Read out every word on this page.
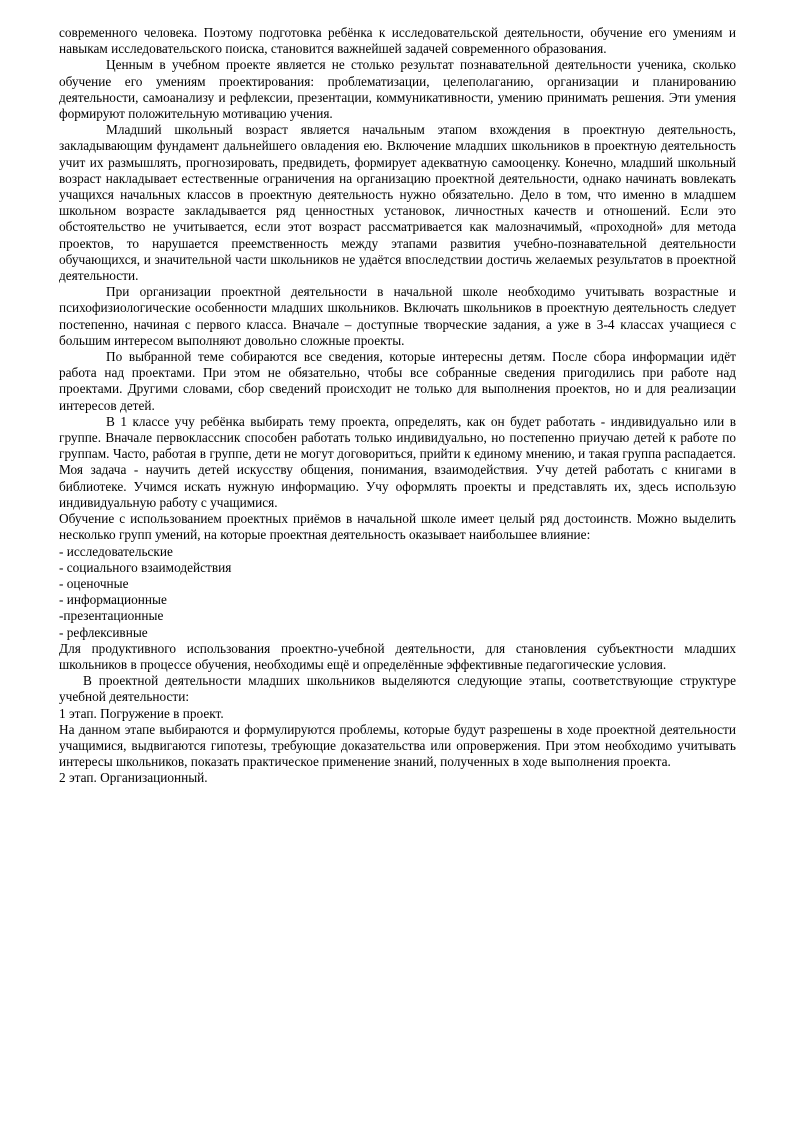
современного человека. Поэтому подготовка ребёнка к исследовательской деятельности, обучение его умениям и навыкам исследовательского поиска, становится важнейшей задачей современного образования.

Ценным в учебном проекте является не столько результат познавательной деятельности ученика, сколько обучение его умениям проектирования: проблематизации, целеполаганию, организации и планированию деятельности, самоанализу и рефлексии, презентации, коммуникативности, умению принимать решения. Эти умения формируют положительную мотивацию учения.

Младший школьный возраст является начальным этапом вхождения в проектную деятельность, закладывающим фундамент дальнейшего овладения ею. Включение младших школьников в проектную деятельность учит их размышлять, прогнозировать, предвидеть, формирует адекватную самооценку. Конечно, младший школьный возраст накладывает естественные ограничения на организацию проектной деятельности, однако начинать вовлекать учащихся начальных классов в проектную деятельность нужно обязательно. Дело в том, что именно в младшем школьном возрасте закладывается ряд ценностных установок, личностных качеств и отношений. Если это обстоятельство не учитывается, если этот возраст рассматривается как малозначимый, «проходной» для метода проектов, то нарушается преемственность между этапами развития учебно-познавательной деятельности обучающихся, и значительной части школьников не удаётся впоследствии достичь желаемых результатов в проектной деятельности.

При организации проектной деятельности в начальной школе необходимо учитывать возрастные и психофизиологические особенности младших школьников. Включать школьников в проектную деятельность следует постепенно, начиная с первого класса. Вначале – доступные творческие задания, а уже в 3-4 классах учащиеся с большим интересом выполняют довольно сложные проекты.

По выбранной теме собираются все сведения, которые интересны детям. После сбора информации идёт работа над проектами. При этом не обязательно, чтобы все собранные сведения пригодились при работе над проектами. Другими словами, сбор сведений происходит не только для выполнения проектов, но и для реализации интересов детей.

В 1 классе учу ребёнка выбирать тему проекта, определять, как он будет работать - индивидуально или в группе. Вначале первоклассник способен работать только индивидуально, но постепенно приучаю детей к работе по группам. Часто, работая в группе, дети не могут договориться, прийти к единому мнению, и такая группа распадается. Моя задача - научить детей искусству общения, понимания, взаимодействия. Учу детей работать с книгами в библиотеке. Учимся искать нужную информацию. Учу оформлять проекты и представлять их, здесь использую индивидуальную работу с учащимися.

Обучение с использованием проектных приёмов в начальной школе имеет целый ряд достоинств. Можно выделить несколько групп умений, на которые проектная деятельность оказывает наибольшее влияние:

- исследовательские
- социального взаимодействия
- оценочные
- информационные
-презентационные
- рефлексивные

Для продуктивного использования проектно-учебной деятельности, для становления субъектности младших школьников в процессе обучения, необходимы ещё и определённые эффективные педагогические условия.

В проектной деятельности младших школьников выделяются следующие этапы, соответствующие структуре учебной деятельности:

1 этап. Погружение в проект.

На данном этапе выбираются и формулируются проблемы, которые будут разрешены в ходе проектной деятельности учащимися, выдвигаются гипотезы, требующие доказательства или опровержения. При этом необходимо учитывать интересы школьников, показать практическое применение знаний, полученных в ходе выполнения проекта.

2 этап. Организационный.
